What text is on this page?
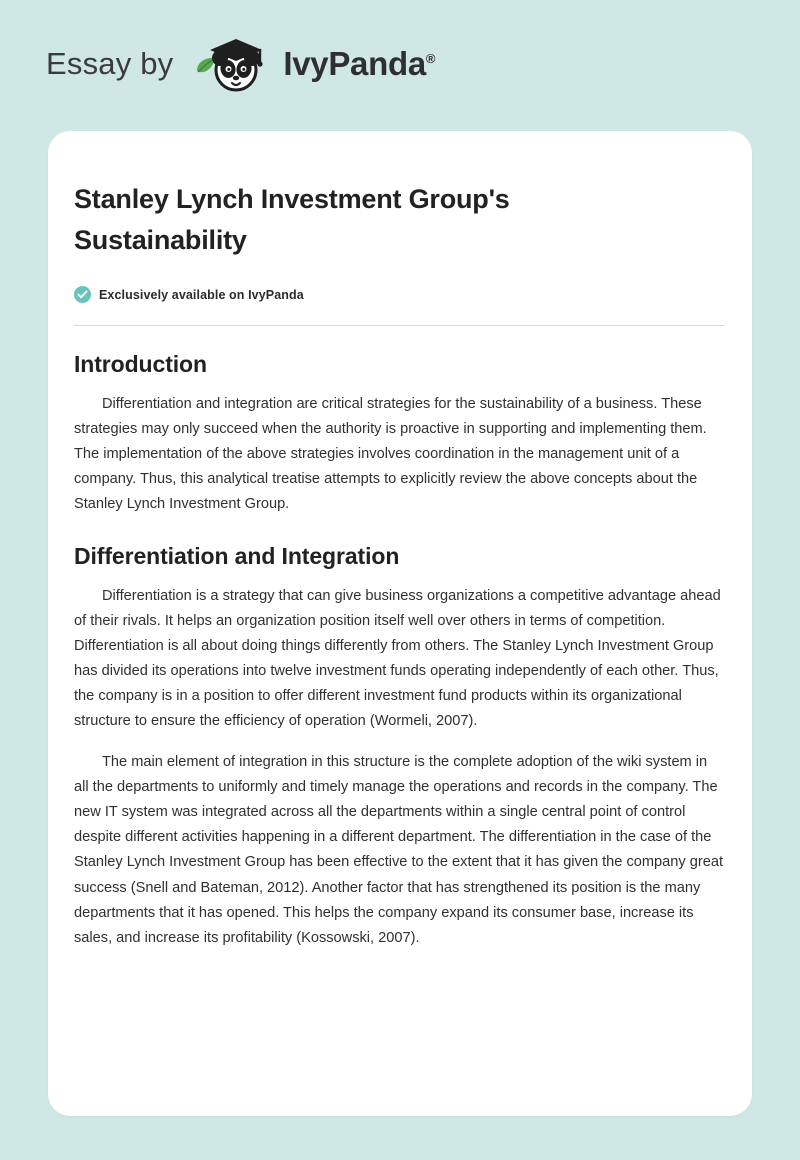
Essay by	IvyPanda®
Stanley Lynch Investment Group's Sustainability
Exclusively available on IvyPanda
Introduction

Differentiation and integration are critical strategies for the sustainability of a business. These strategies may only succeed when the authority is proactive in supporting and implementing them. The implementation of the above strategies involves coordination in the management unit of a company. Thus, this analytical treatise attempts to explicitly review the above concepts about the Stanley Lynch Investment Group.

Differentiation and Integration

Differentiation is a strategy that can give business organizations a competitive advantage ahead of their rivals. It helps an organization position itself well over others in terms of competition. Differentiation is all about doing things differently from others. The Stanley Lynch Investment Group has divided its operations into twelve investment funds operating independently of each other. Thus, the company is in a position to offer different investment fund products within its organizational structure to ensure the efficiency of operation (Wormeli, 2007).

The main element of integration in this structure is the complete adoption of the wiki system in all the departments to uniformly and timely manage the operations and records in the company. The new IT system was integrated across all the departments within a single central point of control despite different activities happening in a different department. The differentiation in the case of the Stanley Lynch Investment Group has been effective to the extent that it has given the company great success (Snell and Bateman, 2012). Another factor that has strengthened its position is the many departments that it has opened. This helps the company expand its consumer base, increase its sales, and increase its profitability (Kossowski, 2007).
